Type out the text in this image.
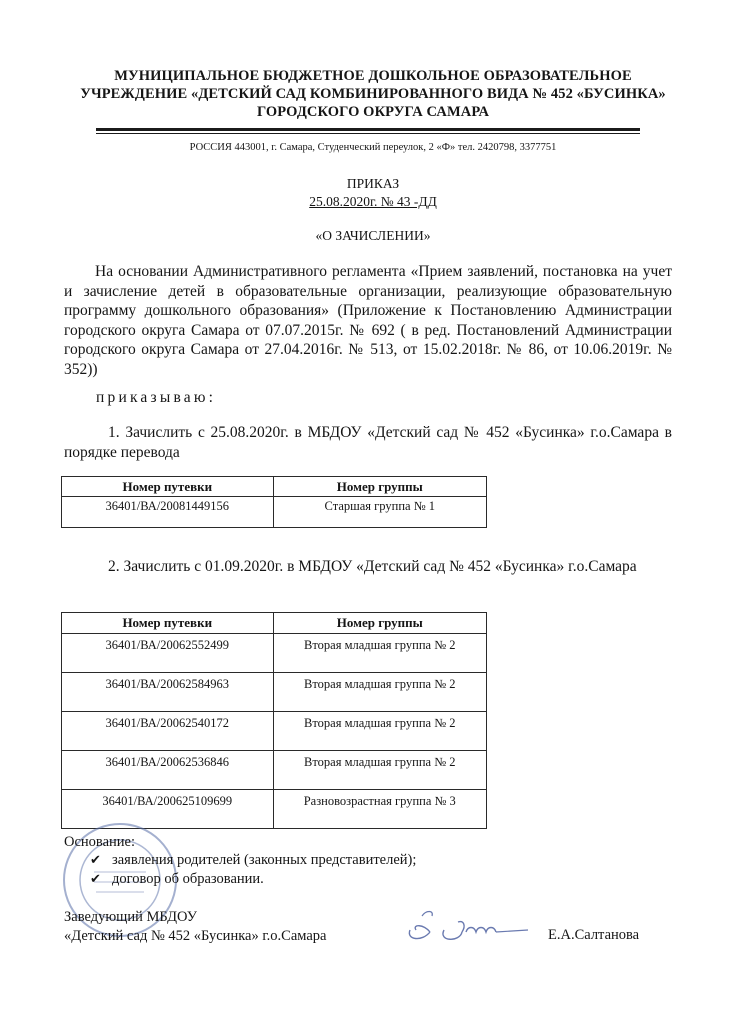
МУНИЦИПАЛЬНОЕ БЮДЖЕТНОЕ ДОШКОЛЬНОЕ ОБРАЗОВАТЕЛЬНОЕ
УЧРЕЖДЕНИЕ «ДЕТСКИЙ САД КОМБИНИРОВАННОГО ВИДА № 452 «БУСИНКА»
ГОРОДСКОГО ОКРУГА САМАРА
РОССИЯ 443001, г. Самара, Студенческий переулок, 2 «Ф» тел. 2420798, 3377751
ПРИКАЗ
25.08.2020г. № 43 -ДД
«О ЗАЧИСЛЕНИИ»
На основании Административного регламента «Прием заявлений, постановка на учет и зачисление детей в образовательные организации, реализующие образовательную программу дошкольного образования» (Приложение к Постановлению Администрации городского округа Самара от 07.07.2015г. № 692 ( в ред. Постановлений Администрации городского округа Самара от 27.04.2016г. № 513, от 15.02.2018г. № 86, от 10.06.2019г. № 352))
приказываю:
1. Зачислить с 25.08.2020г. в МБДОУ «Детский сад № 452 «Бусинка» г.о.Самара в порядке перевода
Номер путевки	Номер группы
36401/ВА/20081449156	Старшая группа № 1
2. Зачислить с 01.09.2020г. в МБДОУ «Детский сад № 452 «Бусинка» г.о.Самара
Номер путевки	Номер группы
36401/ВА/20062552499	Вторая младшая группа № 2
36401/ВА/20062584963	Вторая младшая группа № 2
36401/ВА/20062540172	Вторая младшая группа № 2
36401/ВА/20062536846	Вторая младшая группа № 2
36401/ВА/200625109699	Разновозрастная группа № 3
Основание:
✔ заявления родителей (законных представителей);
✔ договор об образовании.
Заведующий МБДОУ
«Детский сад № 452 «Бусинка» г.о.Самара	Е.А.Салтанова
